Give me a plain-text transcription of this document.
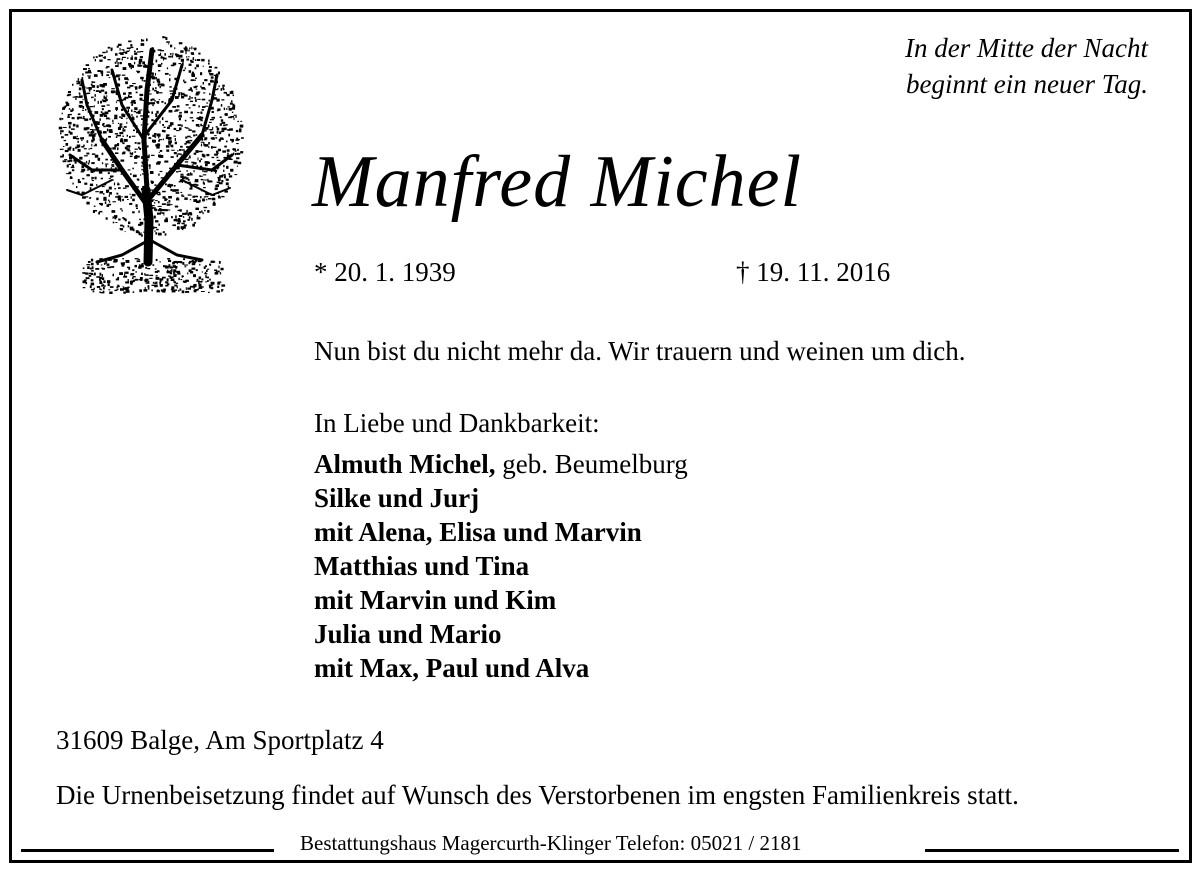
In der Mitte der Nacht
beginnt ein neuer Tag.
Manfred Michel
* 20. 1. 1939	† 19. 11. 2016
Nun bist du nicht mehr da. Wir trauern und weinen um dich.
In Liebe und Dankbarkeit:
Almuth Michel, geb. Beumelburg
Silke und Jurj
mit Alena, Elisa und Marvin
Matthias und Tina
mit Marvin und Kim
Julia und Mario
mit Max, Paul und Alva
31609 Balge, Am Sportplatz 4
Die Urnenbeisetzung findet auf Wunsch des Verstorbenen im engsten Familienkreis statt.
Bestattungshaus Magercurth-Klinger Telefon: 05021 / 2181
